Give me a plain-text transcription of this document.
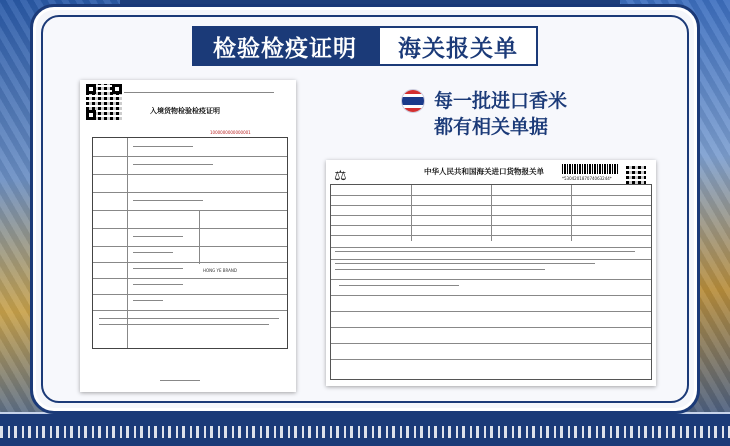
检验检疫证明	海关报关单
入境货物检验检疫证明
1000000000000001
HONG YE BRAND
⚖	中华人民共和国海关进口货物报关单
*530420187074063244*
每一批进口香米
都有相关单据
